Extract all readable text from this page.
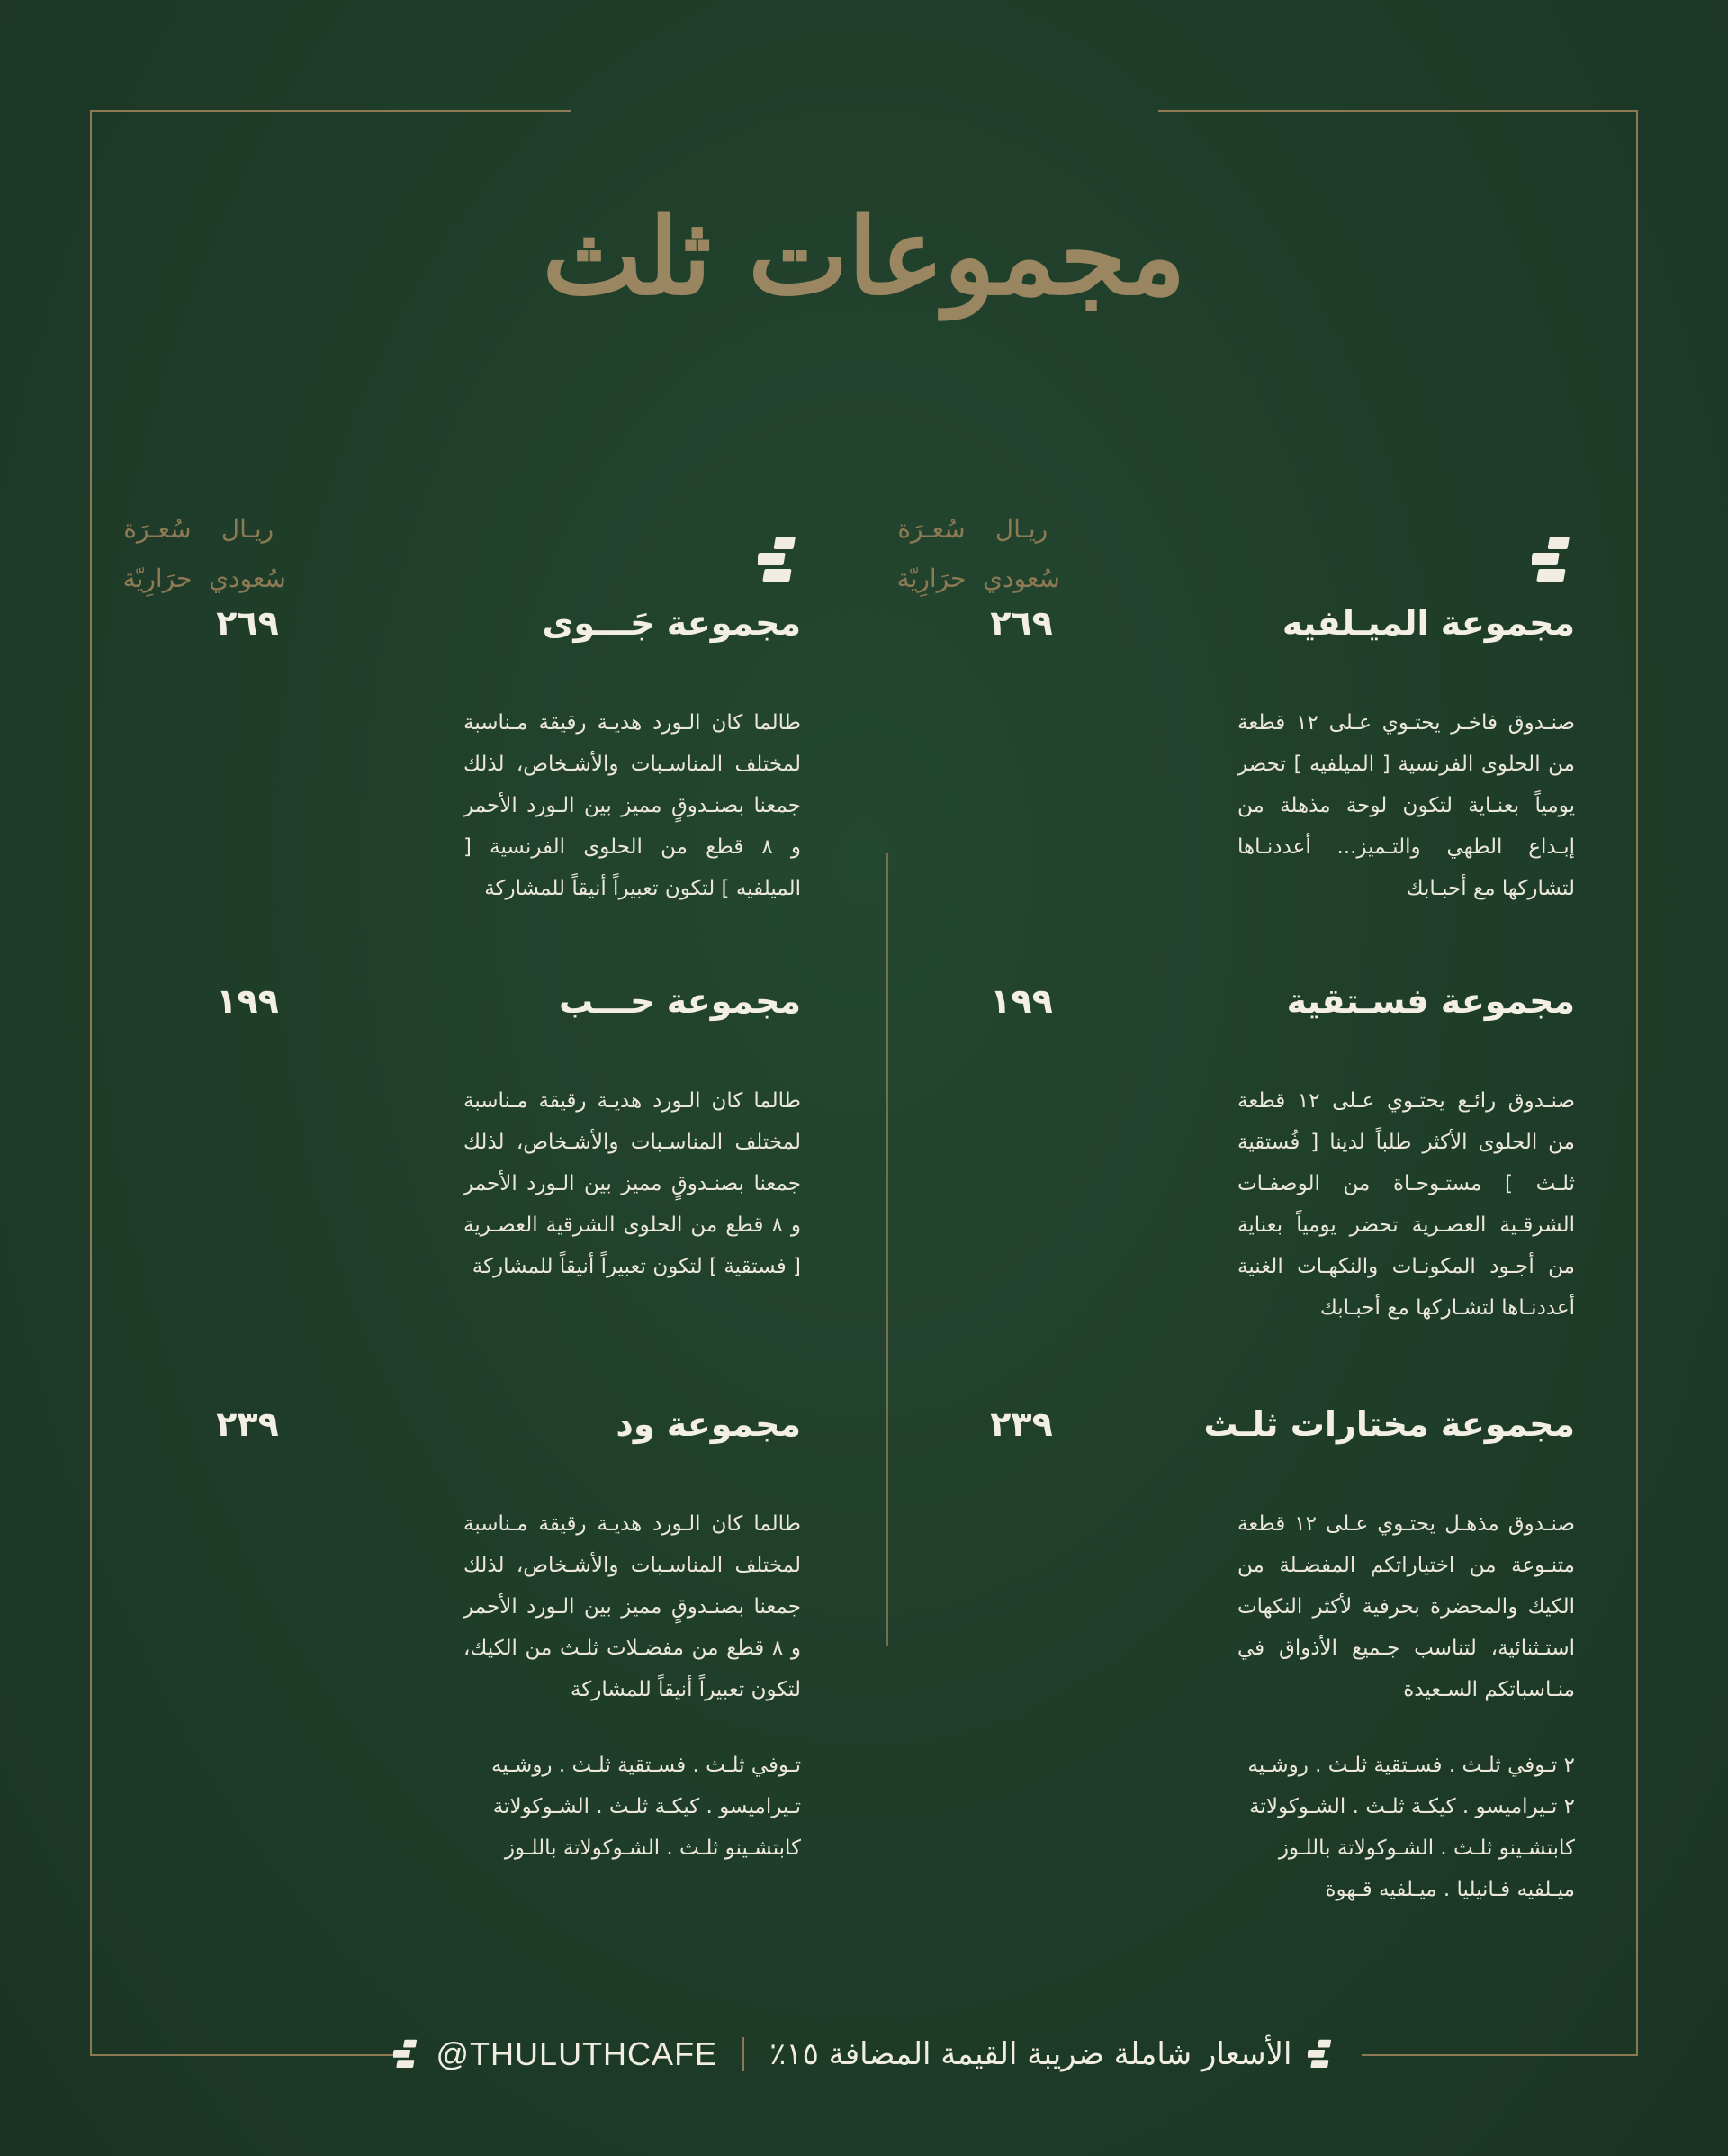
مجموعات ثلث
ريـال سُعودي
سُعـرَة حرَارِيّة
مجموعة الميـلفيه
٢٦٩

صنـدوق فاخـر يحتـوي عـلى ١٢ قطعة من الحلوى الفرنسية [ الميلفيه ] تحضر يومياً بعنـاية لتكون لوحة مذهلة من إبـداع الطهي والتـميز... أعددنـاها لتشاركها مع أحبـابك

مجموعة فسـتقية
١٩٩

صنـدوق رائـع يحتـوي عـلى ١٢ قطعة من الحلوى الأكثر طلباً لدينا [ فُستقية ثلـث ] مستـوحـاة من الوصفـات الشرقـية العصـرية تحضر يومياً بعناية من أجـود المكونـات والنكهـات الغنية أعددنـاها لتشـاركها مع أحبـابك

مجموعة مختارات ثلـث
٢٣٩

صنـدوق مذهـل يحتـوي عـلى ١٢ قطعة متنـوعة من اختياراتكم المفضـلة من الكيك والمحضرة بحرفية لأكثر النكهات استـثنائية، لتناسب جـميع الأذواق في منـاسباتكم السـعيدة

٢ تـوفي ثلـث . فسـتقية ثلـث . روشـيه
٢ تـيراميسو . كيكـة ثلـث . الشـوكولاتة
كابتشـينو ثلـث . الشـوكولاتة باللـوز
ميـلفيه فـانيليا . ميـلفيه قـهوة
ريـال سُعودي
سُعـرَة حرَارِيّة
مجموعة جَـــوى
٢٦٩

طالما كان الـورد هديـة رقيقة مـناسبة لمختلف المناسـبات والأشـخاص، لذلك جمعنا بصنـدوقٍ مميز بين الـورد الأحمر و ٨ قطع من الحلوى الفرنسية [ الميلفيه ] لتكون تعبيراً أنيقاً للمشاركة

مجموعة حـــب
١٩٩

طالما كان الـورد هديـة رقيقة مـناسبة لمختلف المناسـبات والأشـخاص، لذلك جمعنا بصنـدوقٍ مميز بين الـورد الأحمر و ٨ قطع من الحلوى الشرقية العصـرية [ فستقية ] لتكون تعبيراً أنيقاً للمشاركة

مجموعة ود
٢٣٩

طالما كان الـورد هديـة رقيقة مـناسبة لمختلف المناسـبات والأشـخاص، لذلك جمعنا بصنـدوقٍ مميز بين الـورد الأحمر و ٨ قطع من مفضـلات ثلـث من الكيك، لتكون تعبيراً أنيقاً للمشاركة

تـوفي ثلـث . فسـتقية ثلـث . روشـيه
تـيراميسو . كيكـة ثلـث . الشـوكولاتة
كابتشـينو ثلـث . الشـوكولاتة باللـوز
@THULUTHCAFE الأسعار شاملة ضريبة القيمة المضافة ١٥٪
